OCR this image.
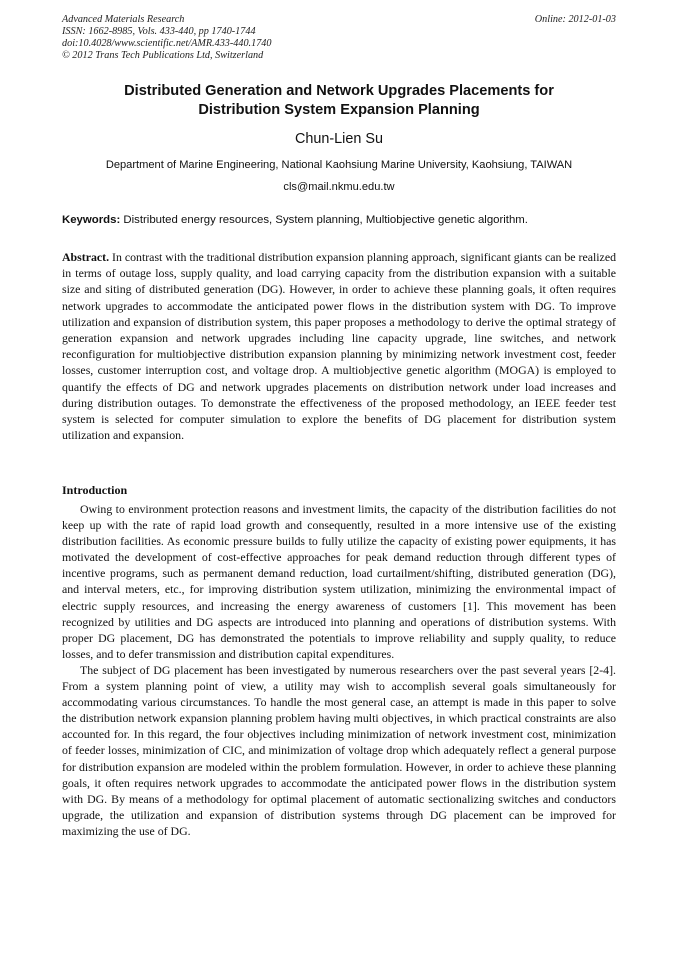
Advanced Materials Research
ISSN: 1662-8985, Vols. 433-440, pp 1740-1744
doi:10.4028/www.scientific.net/AMR.433-440.1740
© 2012 Trans Tech Publications Ltd, Switzerland
Online: 2012-01-03
Distributed Generation and Network Upgrades Placements for
Distribution System Expansion Planning
Chun-Lien Su
Department of Marine Engineering, National Kaohsiung Marine University, Kaohsiung, TAIWAN
cls@mail.nkmu.edu.tw
Keywords: Distributed energy resources, System planning, Multiobjective genetic algorithm.

Abstract. In contrast with the traditional distribution expansion planning approach, significant giants can be realized in terms of outage loss, supply quality, and load carrying capacity from the distribution expansion with a suitable size and siting of distributed generation (DG). However, in order to achieve these planning goals, it often requires network upgrades to accommodate the anticipated power flows in the distribution system with DG. To improve utilization and expansion of distribution system, this paper proposes a methodology to derive the optimal strategy of generation expansion and network upgrades including line capacity upgrade, line switches, and network reconfiguration for multiobjective distribution expansion planning by minimizing network investment cost, feeder losses, customer interruption cost, and voltage drop. A multiobjective genetic algorithm (MOGA) is employed to quantify the effects of DG and network upgrades placements on distribution network under load increases and during distribution outages. To demonstrate the effectiveness of the proposed methodology, an IEEE feeder test system is selected for computer simulation to explore the benefits of DG placement for distribution system utilization and expansion.

Introduction

Owing to environment protection reasons and investment limits, the capacity of the distribution facilities do not keep up with the rate of rapid load growth and consequently, resulted in a more intensive use of the existing distribution facilities. As economic pressure builds to fully utilize the capacity of existing power equipments, it has motivated the development of cost-effective approaches for peak demand reduction through different types of incentive programs, such as permanent demand reduction, load curtailment/shifting, distributed generation (DG), and interval meters, etc., for improving distribution system utilization, minimizing the environmental impact of electric supply resources, and increasing the energy awareness of customers [1]. This movement has been recognized by utilities and DG aspects are introduced into planning and operations of distribution systems. With proper DG placement, DG has demonstrated the potentials to improve reliability and supply quality, to reduce losses, and to defer transmission and distribution capital expenditures.

The subject of DG placement has been investigated by numerous researchers over the past several years [2-4]. From a system planning point of view, a utility may wish to accomplish several goals simultaneously for accommodating various circumstances. To handle the most general case, an attempt is made in this paper to solve the distribution network expansion planning problem having multi objectives, in which practical constraints are also accounted for. In this regard, the four objectives including minimization of network investment cost, minimization of feeder losses, minimization of CIC, and minimization of voltage drop which adequately reflect a general purpose for distribution expansion are modeled within the problem formulation. However, in order to achieve these planning goals, it often requires network upgrades to accommodate the anticipated power flows in the distribution system with DG. By means of a methodology for optimal placement of automatic sectionalizing switches and conductors upgrade, the utilization and expansion of distribution systems through DG placement can be improved for maximizing the use of DG.
